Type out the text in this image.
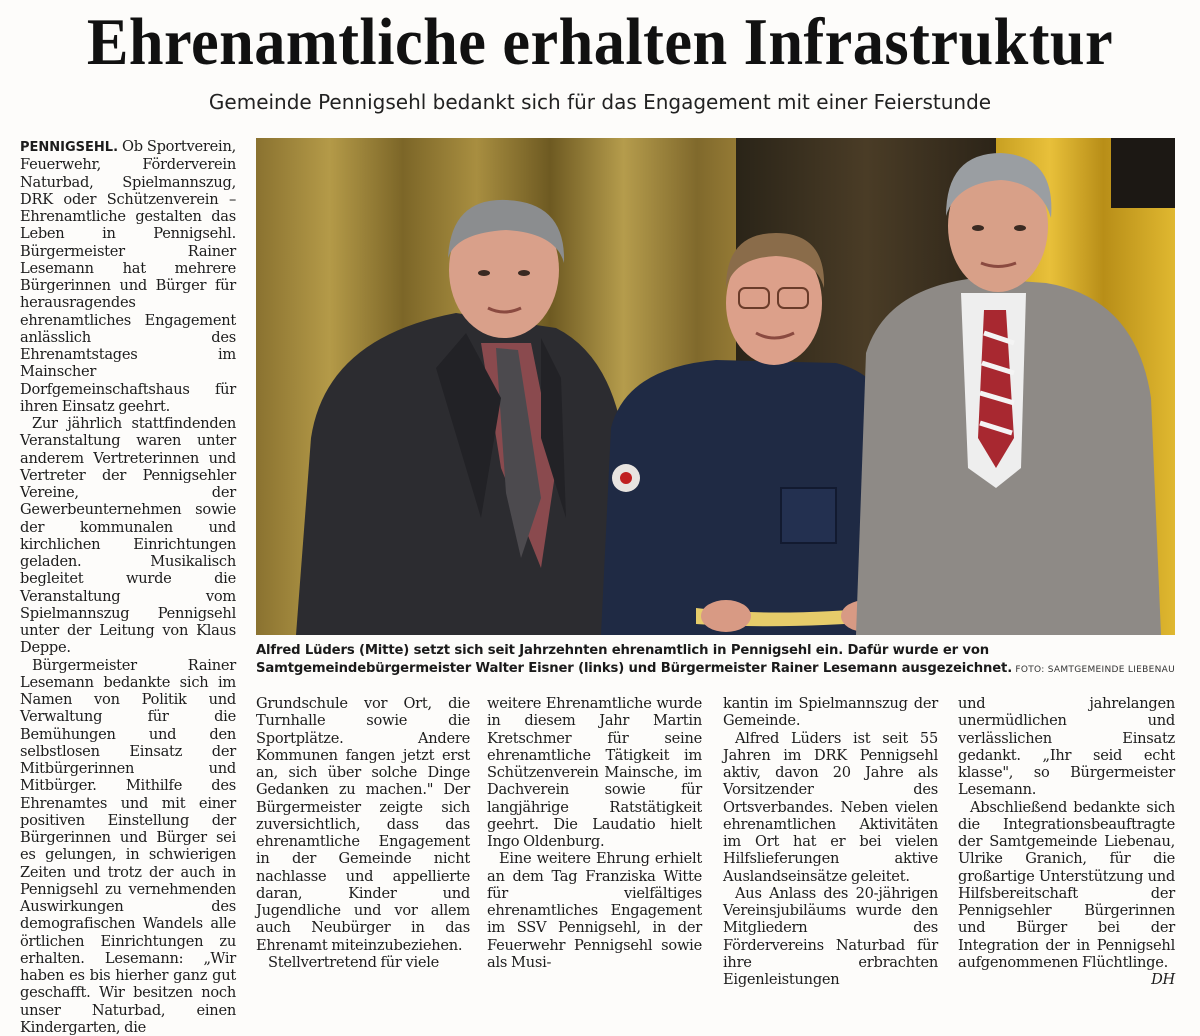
Ehrenamtliche erhalten Infrastruktur
Gemeinde Pennigsehl bedankt sich für das Engagement mit einer Feierstunde

PENNIGSEHL. Ob Sportverein, Feuerwehr, Förderverein Naturbad, Spielmannszug, DRK oder Schützenverein – Ehrenamtliche gestalten das Leben in Pennigsehl. Bürgermeister Rainer Lesemann hat mehrere Bürgerinnen und Bürger für herausragendes ehrenamtliches Engagement anlässlich des Ehrenamtstages im Mainscher Dorfgemeinschaftshaus für ihren Einsatz geehrt.

Zur jährlich stattfindenden Veranstaltung waren unter anderem Vertreterinnen und Vertreter der Pennigsehler Vereine, der Gewerbeunternehmen sowie der kommunalen und kirchlichen Einrichtungen geladen. Musikalisch begleitet wurde die Veranstaltung vom Spielmannszug Pennigsehl unter der Leitung von Klaus Deppe.

Bürgermeister Rainer Lesemann bedankte sich im Namen von Politik und Verwaltung für die Bemühungen und den selbstlosen Einsatz der Mitbürgerinnen und Mitbürger. Mithilfe des Ehrenamtes und mit einer positiven Einstellung der Bürgerinnen und Bürger sei es gelungen, in schwierigen Zeiten und trotz der auch in Pennigsehl zu vernehmenden Auswirkungen des demografischen Wandels alle örtlichen Einrichtungen zu erhalten. Lesemann: „Wir haben es bis hierher ganz gut geschafft. Wir besitzen noch unser Naturbad, einen Kindergarten, die

Alfred Lüders (Mitte) setzt sich seit Jahrzehnten ehrenamtlich in Pennigsehl ein. Dafür wurde er von Samtgemeindebürgermeister Walter Eisner (links) und Bürgermeister Rainer Lesemann ausgezeichnet. FOTO: SAMTGEMEINDE LIEBENAU

Grundschule vor Ort, die Turnhalle sowie die Sportplätze. Andere Kommunen fangen jetzt erst an, sich über solche Dinge Gedanken zu machen." Der Bürgermeister zeigte sich zuversichtlich, dass das ehrenamtliche Engagement in der Gemeinde nicht nachlasse und appellierte daran, Kinder und Jugendliche und vor allem auch Neubürger in das Ehrenamt miteinzubeziehen.

Stellvertretend für viele

weitere Ehrenamtliche wurde in diesem Jahr Martin Kretschmer für seine ehrenamtliche Tätigkeit im Schützenverein Mainsche, im Dachverein sowie für langjährige Ratstätigkeit geehrt. Die Laudatio hielt Ingo Oldenburg.

Eine weitere Ehrung erhielt an dem Tag Franziska Witte für vielfältiges ehrenamtliches Engagement im SSV Pennigsehl, in der Feuerwehr Pennigsehl sowie als Musi-

kantin im Spielmannszug der Gemeinde.

Alfred Lüders ist seit 55 Jahren im DRK Pennigsehl aktiv, davon 20 Jahre als Vorsitzender des Ortsverbandes. Neben vielen ehrenamtlichen Aktivitäten im Ort hat er bei vielen Hilfslieferungen aktive Auslandseinsätze geleitet.

Aus Anlass des 20-jährigen Vereinsjubiläums wurde den Mitgliedern des Fördervereins Naturbad für ihre erbrachten Eigenleistungen

und jahrelangen unermüdlichen und verlässlichen Einsatz gedankt. „Ihr seid echt klasse", so Bürgermeister Lesemann.

Abschließend bedankte sich die Integrationsbeauftragte der Samtgemeinde Liebenau, Ulrike Granich, für die großartige Unterstützung und Hilfsbereitschaft der Pennigsehler Bürgerinnen und Bürger bei der Integration der in Pennigsehl aufgenommenen Flüchtlinge.
DH
